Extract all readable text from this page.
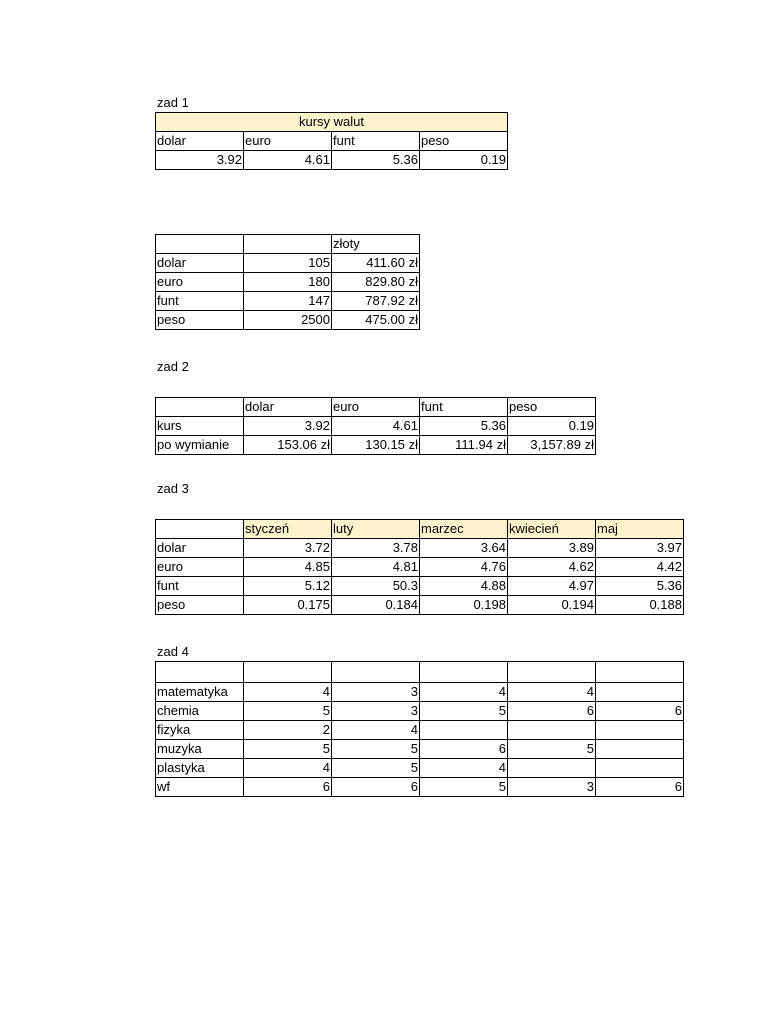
zad 1
kursy walut			
dolar	euro	funt	peso
3.92	4.61	5.36	0.19
		złoty
dolar	105	411.60 zł
euro	180	829.80 zł
funt	147	787.92 zł
peso	2500	475.00 zł
zad 2
	dolar	euro	funt	peso
kurs	3.92	4.61	5.36	0.19
po wymianie	153.06 zł	130.15 zł	111.94 zł	3,157.89 zł
zad 3
	styczeń	luty	marzec	kwiecień	maj
dolar	3.72	3.78	3.64	3.89	3.97
euro	4.85	4.81	4.76	4.62	4.42
funt	5.12	50.3	4.88	4.97	5.36
peso	0.175	0.184	0.198	0.194	0.188
zad 4

matematyka	4	3	4	4	
chemia	5	3	5	6	6
fizyka	2	4			
muzyka	5	5	6	5	
plastyka	4	5	4		
wf	6	6	5	3	6
